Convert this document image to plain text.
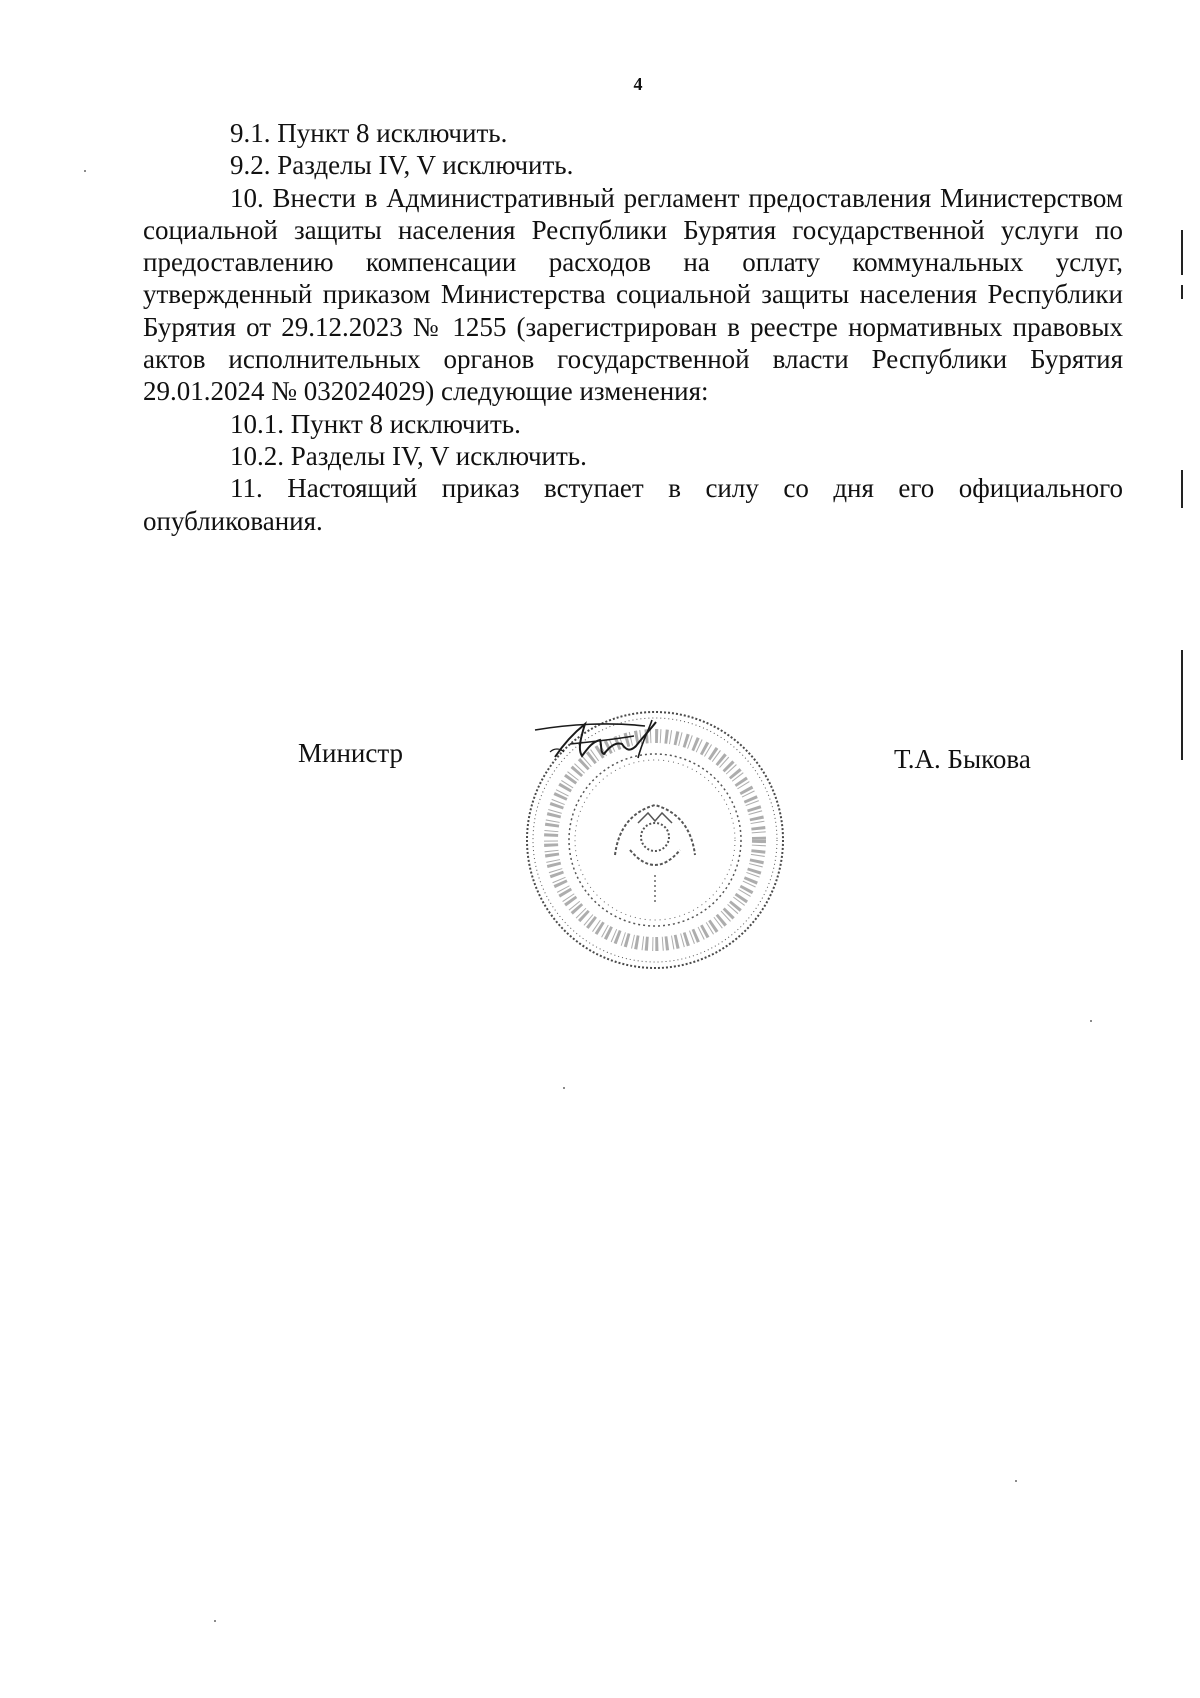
4

9.1. Пункт 8 исключить.

9.2. Разделы IV, V исключить.

10. Внести в Административный регламент предоставления Министерством социальной защиты населения Республики Бурятия государственной услуги по предоставлению компенсации расходов на оплату коммунальных услуг, утвержденный приказом Министерства социальной защиты населения Республики Бурятия от 29.12.2023 № 1255 (зарегистрирован в реестре нормативных правовых актов исполнительных органов государственной власти Республики Бурятия 29.01.2024 № 032024029) следующие изменения:

10.1. Пункт 8 исключить.

10.2. Разделы IV, V исключить.

11. Настоящий приказ вступает в силу со дня его официального опубликования.

Министр	Т.А. Быкова
